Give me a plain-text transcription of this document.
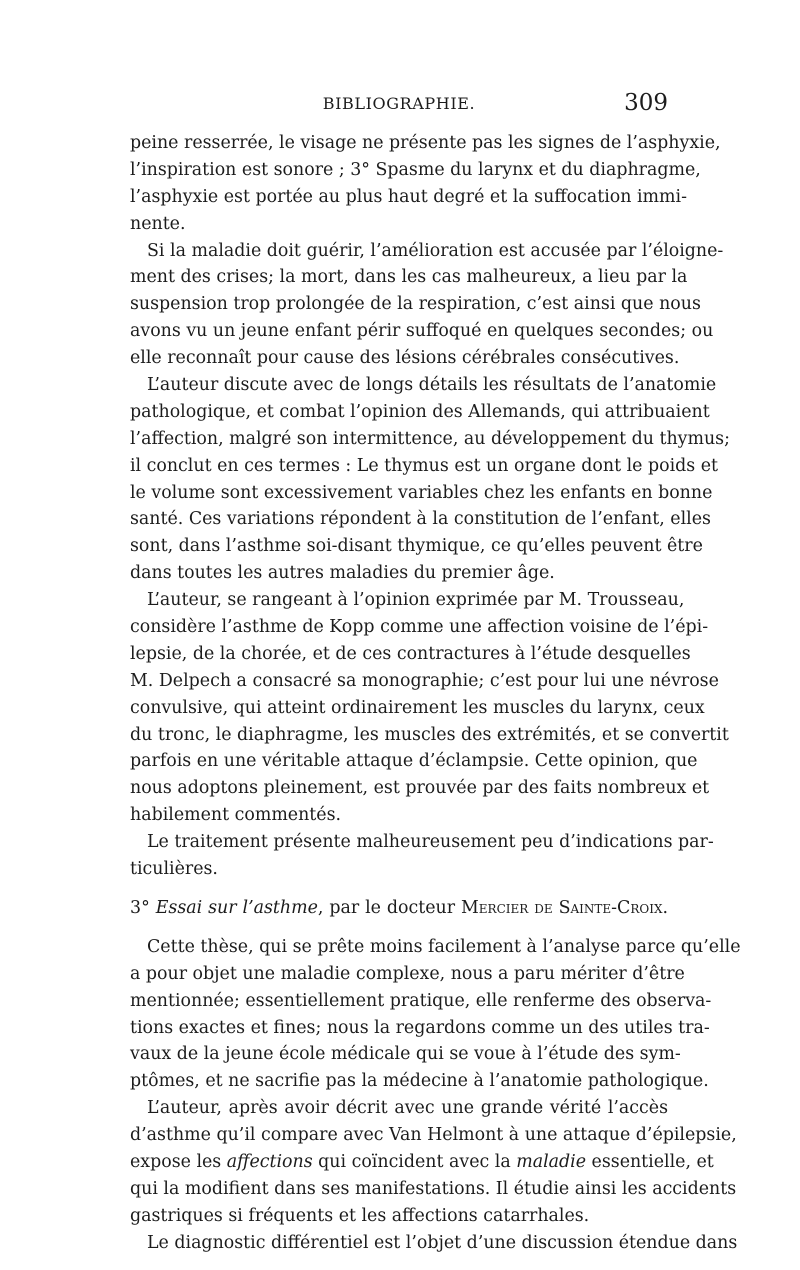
BIBLIOGRAPHIE.	309
peine resserrée, le visage ne présente pas les signes de l’asphyxie,
l’inspiration est sonore ; 3° Spasme du larynx et du diaphragme,
l’asphyxie est portée au plus haut degré et la suffocation immi-
nente.
Si la maladie doit guérir, l’amélioration est accusée par l’éloigne-
ment des crises; la mort, dans les cas malheureux, a lieu par la
suspension trop prolongée de la respiration, c’est ainsi que nous
avons vu un jeune enfant périr suffoqué en quelques secondes; ou
elle reconnaît pour cause des lésions cérébrales consécutives.
L’auteur discute avec de longs détails les résultats de l’anatomie
pathologique, et combat l’opinion des Allemands, qui attribuaient
l’affection, malgré son intermittence, au développement du thymus;
il conclut en ces termes : Le thymus est un organe dont le poids et
le volume sont excessivement variables chez les enfants en bonne
santé. Ces variations répondent à la constitution de l’enfant, elles
sont, dans l’asthme soi-disant thymique, ce qu’elles peuvent être
dans toutes les autres maladies du premier âge.
L’auteur, se rangeant à l’opinion exprimée par M. Trousseau,
considère l’asthme de Kopp comme une affection voisine de l’épi-
lepsie, de la chorée, et de ces contractures à l’étude desquelles
M. Delpech a consacré sa monographie; c’est pour lui une névrose
convulsive, qui atteint ordinairement les muscles du larynx, ceux
du tronc, le diaphragme, les muscles des extrémités, et se convertit
parfois en une véritable attaque d’éclampsie. Cette opinion, que
nous adoptons pleinement, est prouvée par des faits nombreux et
habilement commentés.
Le traitement présente malheureusement peu d’indications par-
ticulières.
3° Essai sur l’asthme, par le docteur Mercier de Sainte-Croix.
Cette thèse, qui se prête moins facilement à l’analyse parce qu’elle
a pour objet une maladie complexe, nous a paru mériter d’être
mentionnée; essentiellement pratique, elle renferme des observa-
tions exactes et fines; nous la regardons comme un des utiles tra-
vaux de la jeune école médicale qui se voue à l’étude des sym-
ptômes, et ne sacrifie pas la médecine à l’anatomie pathologique.
L’auteur, après avoir décrit avec une grande vérité l’accès
d’asthme qu’il compare avec Van Helmont à une attaque d’épilepsie,
expose les affections qui coïncident avec la maladie essentielle, et
qui la modifient dans ses manifestations. Il étudie ainsi les accidents
gastriques si fréquents et les affections catarrhales.
Le diagnostic différentiel est l’objet d’une discussion étendue dans
